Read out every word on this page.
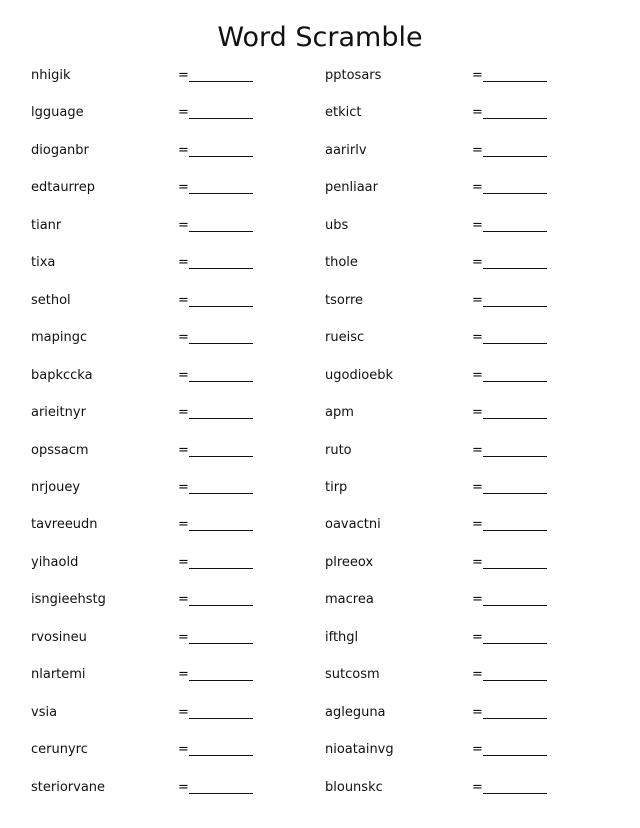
Word Scramble
nhigik	=
lgguage	=
dioganbr	=
edtaurrep	=
tianr	=
tixa	=
sethol	=
mapingc	=
bapkccka	=
arieitnyr	=
opssacm	=
nrjouey	=
tavreeudn	=
yihaold	=
isngieehstg	=
rvosineu	=
nlartemi	=
vsia	=
cerunyrc	=
steriorvane	=
pptosars	=
etkict	=
aarirlv	=
penliaar	=
ubs	=
thole	=
tsorre	=
rueisc	=
ugodioebk	=
apm	=
ruto	=
tirp	=
oavactni	=
plreeox	=
macrea	=
ifthgl	=
sutcosm	=
agleguna	=
nioatainvg	=
blounskc	=
